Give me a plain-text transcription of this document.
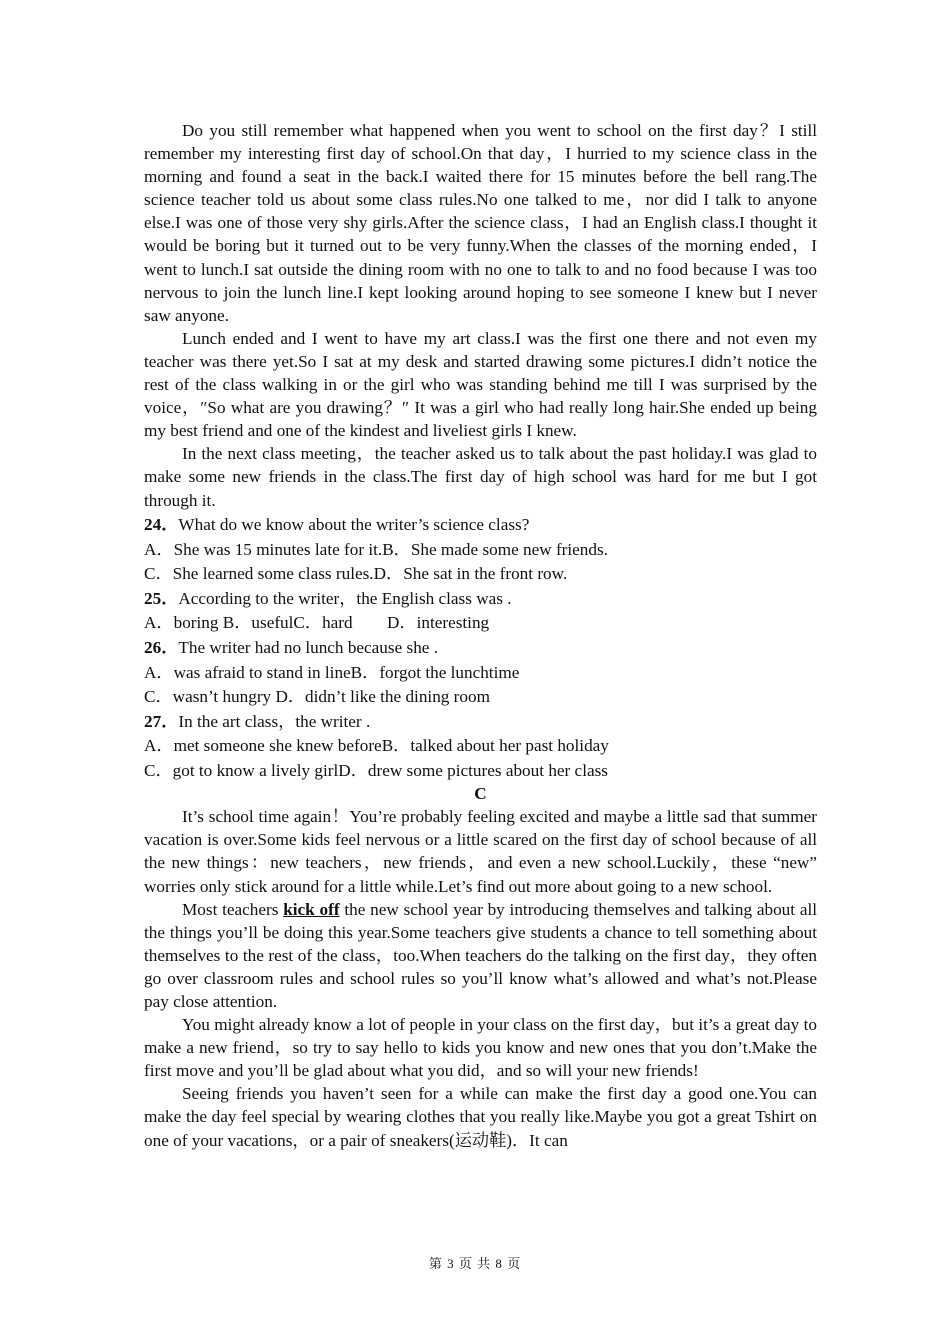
Do you still remember what happened when you went to school on the first day？I still remember my interesting first day of school.On that day，I hurried to my science class in the morning and found a seat in the back.I waited there for 15 minutes before the bell rang.The science teacher told us about some class rules.No one talked to me，nor did I talk to anyone else.I was one of those very shy girls.After the science class，I had an English class.I thought it would be boring but it turned out to be very funny.When the classes of the morning ended，I went to lunch.I sat outside the dining room with no one to talk to and no food because I was too nervous to join the lunch line.I kept looking around hoping to see someone I knew but I never saw anyone.

Lunch ended and I went to have my art class.I was the first one there and not even my teacher was there yet.So I sat at my desk and started drawing some pictures.I didn’t notice the rest of the class walking in or the girl who was standing behind me till I was surprised by the voice，″So what are you drawing？″ It was a girl who had really long hair.She ended up being my best friend and one of the kindest and liveliest girls I knew.

In the next class meeting，the teacher asked us to talk about the past holiday.I was glad to make some new friends in the class.The first day of high school was hard for me but I got through it.

24．What do we know about the writer’s science class?

A．She was 15 minutes late for it.B．She made some new friends.

C．She learned some class rules.D．She sat in the front row.

25．According to the writer，the English class was .

A．boring B．usefulC．hard　　D．interesting

26．The writer had no lunch because she .

A．was afraid to stand in lineB．forgot the lunchtime

C．wasn’t hungry D．didn’t like the dining room

27．In the art class，the writer .

A．met someone she knew beforeB．talked about her past holiday

C．got to know a lively girlD．drew some pictures about her class

C

It’s school time again！You’re probably feeling excited and maybe a little sad that summer vacation is over.Some kids feel nervous or a little scared on the first day of school because of all the new things：new teachers，new friends，and even a new school.Luckily，these “new” worries only stick around for a little while.Let’s find out more about going to a new school.

Most teachers kick off the new school year by introducing themselves and talking about all the things you’ll be doing this year.Some teachers give students a chance to tell something about themselves to the rest of the class，too.When teachers do the talking on the first day，they often go over classroom rules and school rules so you’ll know what’s allowed and what’s not.Please pay close attention.

You might already know a lot of people in your class on the first day，but it’s a great day to make a new friend，so try to say hello to kids you know and new ones that you don’t.Make the first move and you’ll be glad about what you did，and so will your new friends!

Seeing friends you haven’t seen for a while can make the first day a good one.You can make the day feel special by wearing clothes that you really like.Maybe you got a great Tshirt on one of your vacations，or a pair of sneakers(运动鞋)．It can

第 3 页 共 8 页
